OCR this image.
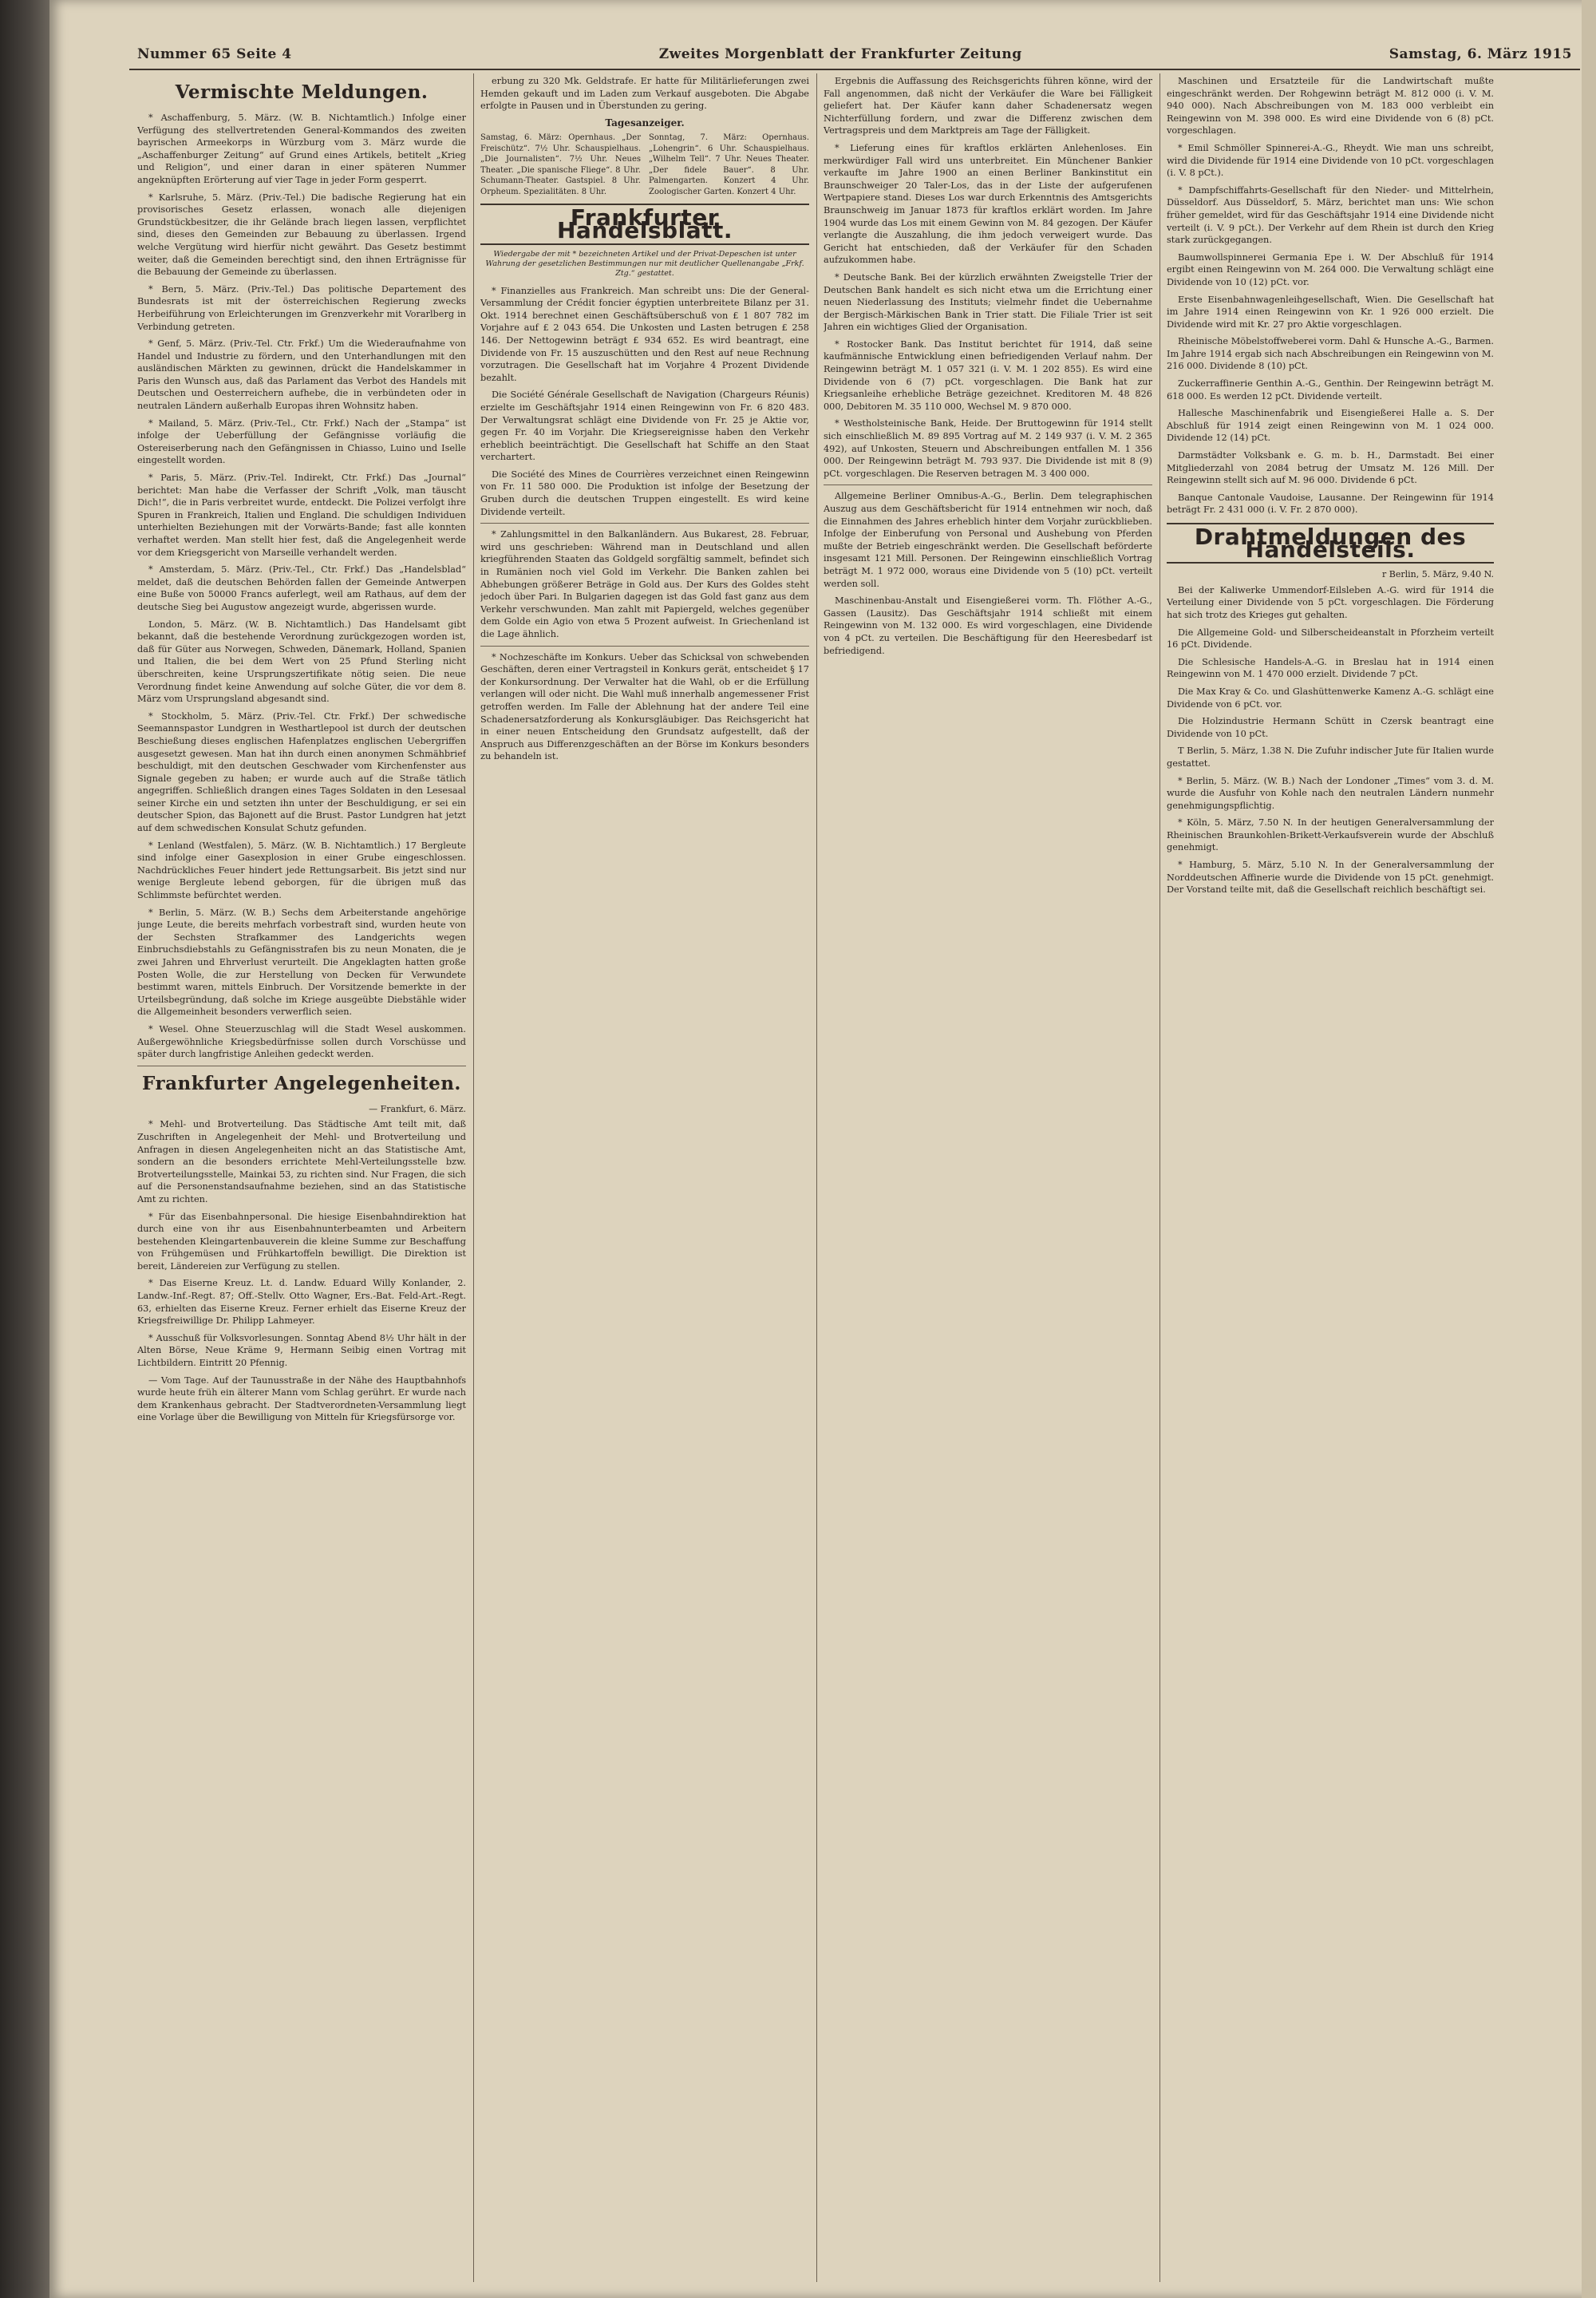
Nummer 65 Seite 4	Zweites Morgenblatt der Frankfurter Zeitung	Samstag, 6. März 1915
Vermischte Meldungen.

* Aschaffenburg, 5. März. (W. B. Nichtamtlich.) Infolge einer Verfügung des stellvertretenden General-Kommandos des zweiten bayrischen Armeekorps in Würzburg vom 3. März wurde die „Aschaffenburger Zeitung“ auf Grund eines Artikels, betitelt „Krieg und Religion“, und einer daran in einer späteren Nummer angeknüpften Erörterung auf vier Tage in jeder Form gesperrt.

* Karlsruhe, 5. März. (Priv.-Tel.) Die badische Regierung hat ein provisorisches Gesetz erlassen, wonach alle diejenigen Grundstückbesitzer, die ihr Gelände brach liegen lassen, verpflichtet sind, dieses den Gemeinden zur Bebauung zu überlassen. Irgend welche Vergütung wird hierfür nicht gewährt. Das Gesetz bestimmt weiter, daß die Gemeinden berechtigt sind, den ihnen Erträgnisse für die Bebauung der Gemeinde zu überlassen.

* Bern, 5. März. (Priv.-Tel.) Das politische Departement des Bundesrats ist mit der österreichischen Regierung zwecks Herbeiführung von Erleichterungen im Grenzverkehr mit Vorarlberg in Verbindung getreten.

* Genf, 5. März. (Priv.-Tel. Ctr. Frkf.) Um die Wiederaufnahme von Handel und Industrie zu fördern, und den Unterhandlungen mit den ausländischen Märkten zu gewinnen, drückt die Handelskammer in Paris den Wunsch aus, daß das Parlament das Verbot des Handels mit Deutschen und Oesterreichern aufhebe, die in verbündeten oder in neutralen Ländern außerhalb Europas ihren Wohnsitz haben.

* Mailand, 5. März. (Priv.-Tel., Ctr. Frkf.) Nach der „Stampa“ ist infolge der Ueberfüllung der Gefängnisse vorläufig die Ostereiserberung nach den Gefängnissen in Chiasso, Luino und Iselle eingestellt worden.

* Paris, 5. März. (Priv.-Tel. Indirekt, Ctr. Frkf.) Das „Journal“ berichtet: Man habe die Verfasser der Schrift „Volk, man täuscht Dich!“, die in Paris verbreitet wurde, entdeckt. Die Polizei verfolgt ihre Spuren in Frankreich, Italien und England. Die schuldigen Individuen unterhielten Beziehungen mit der Vorwärts-Bande; fast alle konnten verhaftet werden. Man stellt hier fest, daß die Angelegenheit werde vor dem Kriegsgericht von Marseille verhandelt werden.

* Amsterdam, 5. März. (Priv.-Tel., Ctr. Frkf.) Das „Handelsblad“ meldet, daß die deutschen Behörden fallen der Gemeinde Antwerpen eine Buße von 50000 Francs auferlegt, weil am Rathaus, auf dem der deutsche Sieg bei Augustow angezeigt wurde, abgerissen wurde.

London, 5. März. (W. B. Nichtamtlich.) Das Handelsamt gibt bekannt, daß die bestehende Verordnung zurückgezogen worden ist, daß für Güter aus Norwegen, Schweden, Dänemark, Holland, Spanien und Italien, die bei dem Wert von 25 Pfund Sterling nicht überschreiten, keine Ursprungszertifikate nötig seien. Die neue Verordnung findet keine Anwendung auf solche Güter, die vor dem 8. März vom Ursprungsland abgesandt sind.

* Stockholm, 5. März. (Priv.-Tel. Ctr. Frkf.) Der schwedische Seemannspastor Lundgren in Westhartlepool ist durch der deutschen Beschießung dieses englischen Hafenplatzes englischen Uebergriffen ausgesetzt gewesen. Man hat ihn durch einen anonymen Schmähbrief beschuldigt, mit den deutschen Geschwader vom Kirchenfenster aus Signale gegeben zu haben; er wurde auch auf die Straße tätlich angegriffen. Schließlich drangen eines Tages Soldaten in den Lesesaal seiner Kirche ein und setzten ihn unter der Beschuldigung, er sei ein deutscher Spion, das Bajonett auf die Brust. Pastor Lundgren hat jetzt auf dem schwedischen Konsulat Schutz gefunden.

* Lenland (Westfalen), 5. März. (W. B. Nichtamtlich.) 17 Bergleute sind infolge einer Gasexplosion in einer Grube eingeschlossen. Nachdrückliches Feuer hindert jede Rettungsarbeit. Bis jetzt sind nur wenige Bergleute lebend geborgen, für die übrigen muß das Schlimmste befürchtet werden.

* Berlin, 5. März. (W. B.) Sechs dem Arbeiterstande angehörige junge Leute, die bereits mehrfach vorbestraft sind, wurden heute von der Sechsten Strafkammer des Landgerichts wegen Einbruchsdiebstahls zu Gefängnisstrafen bis zu neun Monaten, die je zwei Jahren und Ehrverlust verurteilt. Die Angeklagten hatten große Posten Wolle, die zur Herstellung von Decken für Verwundete bestimmt waren, mittels Einbruch. Der Vorsitzende bemerkte in der Urteilsbegründung, daß solche im Kriege ausgeübte Diebstähle wider die Allgemeinheit besonders verwerflich seien.

* Wesel. Ohne Steuerzuschlag will die Stadt Wesel auskommen. Außergewöhnliche Kriegsbedürfnisse sollen durch Vorschüsse und später durch langfristige Anleihen gedeckt werden.

Frankfurter Angelegenheiten.
— Frankfurt, 6. März.

* Mehl- und Brotverteilung. Das Städtische Amt teilt mit, daß Zuschriften in Angelegenheit der Mehl- und Brotverteilung und Anfragen in diesen Angelegenheiten nicht an das Statistische Amt, sondern an die besonders errichtete Mehl-Verteilungsstelle bzw. Brotverteilungsstelle, Mainkai 53, zu richten sind. Nur Fragen, die sich auf die Personenstandsaufnahme beziehen, sind an das Statistische Amt zu richten.

* Für das Eisenbahnpersonal. Die hiesige Eisenbahndirektion hat durch eine von ihr aus Eisenbahnunterbeamten und Arbeitern bestehenden Kleingartenbauverein die kleine Summe zur Beschaffung von Frühgemüsen und Frühkartoffeln bewilligt. Die Direktion ist bereit, Ländereien zur Verfügung zu stellen.

* Das Eiserne Kreuz. Lt. d. Landw. Eduard Willy Konlander, 2. Landw.-Inf.-Regt. 87; Off.-Stellv. Otto Wagner, Ers.-Bat. Feld-Art.-Regt. 63, erhielten das Eiserne Kreuz. Ferner erhielt das Eiserne Kreuz der Kriegsfreiwillige Dr. Philipp Lahmeyer.

* Ausschuß für Volksvorlesungen. Sonntag Abend 8½ Uhr hält in der Alten Börse, Neue Kräme 9, Hermann Seibig einen Vortrag mit Lichtbildern. Eintritt 20 Pfennig.

— Vom Tage. Auf der Taunusstraße in der Nähe des Hauptbahnhofs wurde heute früh ein älterer Mann vom Schlag gerührt. Er wurde nach dem Krankenhaus gebracht. Der Stadtverordneten-Versammlung liegt eine Vorlage über die Bewilligung von Mitteln für Kriegsfürsorge vor.

erbung zu 320 Mk. Geldstrafe. Er hatte für Militärlieferungen zwei Hemden gekauft und im Laden zum Verkauf ausgeboten. Die Abgabe erfolgte in Pausen und in Überstunden zu gering.

Tagesanzeiger.
Samstag, 6. März: Opernhaus. „Der Freischütz“. 7½ Uhr. Schauspielhaus. „Die Journalisten“. 7½ Uhr. Neues Theater. „Die spanische Fliege“. 8 Uhr. Schumann-Theater. Gastspiel. 8 Uhr. Orpheum. Spezialitäten. 8 Uhr.
Sonntag, 7. März: Opernhaus. „Lohengrin“. 6 Uhr. Schauspielhaus. „Wilhelm Tell“. 7 Uhr. Neues Theater. „Der fidele Bauer“. 8 Uhr. Palmengarten. Konzert 4 Uhr. Zoologischer Garten. Konzert 4 Uhr.
Frankfurter Handelsblatt.
Wiedergabe der mit * bezeichneten Artikel und der Privat-Depeschen ist unter Wahrung der gesetzlichen Bestimmungen nur mit deutlicher Quellenangabe „Frkf. Ztg.“ gestattet.

* Finanzielles aus Frankreich. Man schreibt uns: Die der General-Versammlung der Crédit foncier égyptien unterbreitete Bilanz per 31. Okt. 1914 berechnet einen Geschäftsüberschuß von £ 1 807 782 im Vorjahre auf £ 2 043 654. Die Unkosten und Lasten betrugen £ 258 146. Der Nettogewinn beträgt £ 934 652. Es wird beantragt, eine Dividende von Fr. 15 auszuschütten und den Rest auf neue Rechnung vorzutragen. Die Gesellschaft hat im Vorjahre 4 Prozent Dividende bezahlt.

Die Société Générale Gesellschaft de Navigation (Chargeurs Réunis) erzielte im Geschäftsjahr 1914 einen Reingewinn von Fr. 6 820 483. Der Verwaltungsrat schlägt eine Dividende von Fr. 25 je Aktie vor, gegen Fr. 40 im Vorjahr. Die Kriegsereignisse haben den Verkehr erheblich beeinträchtigt. Die Gesellschaft hat Schiffe an den Staat verchartert.

Die Société des Mines de Courrières verzeichnet einen Reingewinn von Fr. 11 580 000. Die Produktion ist infolge der Besetzung der Gruben durch die deutschen Truppen eingestellt. Es wird keine Dividende verteilt.

* Zahlungsmittel in den Balkanländern. Aus Bukarest, 28. Februar, wird uns geschrieben: Während man in Deutschland und allen kriegführenden Staaten das Goldgeld sorgfältig sammelt, befindet sich in Rumänien noch viel Gold im Verkehr. Die Banken zahlen bei Abhebungen größerer Beträge in Gold aus. Der Kurs des Goldes steht jedoch über Pari. In Bulgarien dagegen ist das Gold fast ganz aus dem Verkehr verschwunden. Man zahlt mit Papiergeld, welches gegenüber dem Golde ein Agio von etwa 5 Prozent aufweist. In Griechenland ist die Lage ähnlich.

* Nochzeschäfte im Konkurs. Ueber das Schicksal von schwebenden Geschäften, deren einer Vertragsteil in Konkurs gerät, entscheidet § 17 der Konkursordnung. Der Verwalter hat die Wahl, ob er die Erfüllung verlangen will oder nicht. Die Wahl muß innerhalb angemessener Frist getroffen werden. Im Falle der Ablehnung hat der andere Teil eine Schadenersatzforderung als Konkursgläubiger. Das Reichsgericht hat in einer neuen Entscheidung den Grundsatz aufgestellt, daß der Anspruch aus Differenzgeschäften an der Börse im Konkurs besonders zu behandeln ist.

Ergebnis die Auffassung des Reichsgerichts führen könne, wird der Fall angenommen, daß nicht der Verkäufer die Ware bei Fälligkeit geliefert hat. Der Käufer kann daher Schadenersatz wegen Nichterfüllung fordern, und zwar die Differenz zwischen dem Vertragspreis und dem Marktpreis am Tage der Fälligkeit.

* Lieferung eines für kraftlos erklärten Anlehenloses. Ein merkwürdiger Fall wird uns unterbreitet. Ein Münchener Bankier verkaufte im Jahre 1900 an einen Berliner Bankinstitut ein Braunschweiger 20 Taler-Los, das in der Liste der aufgerufenen Wertpapiere stand. Dieses Los war durch Erkenntnis des Amtsgerichts Braunschweig im Januar 1873 für kraftlos erklärt worden. Im Jahre 1904 wurde das Los mit einem Gewinn von M. 84 gezogen. Der Käufer verlangte die Auszahlung, die ihm jedoch verweigert wurde. Das Gericht hat entschieden, daß der Verkäufer für den Schaden aufzukommen habe.

* Deutsche Bank. Bei der kürzlich erwähnten Zweigstelle Trier der Deutschen Bank handelt es sich nicht etwa um die Errichtung einer neuen Niederlassung des Instituts; vielmehr findet die Uebernahme der Bergisch-Märkischen Bank in Trier statt. Die Filiale Trier ist seit Jahren ein wichtiges Glied der Organisation.

* Rostocker Bank. Das Institut berichtet für 1914, daß seine kaufmännische Entwicklung einen befriedigenden Verlauf nahm. Der Reingewinn beträgt M. 1 057 321 (i. V. M. 1 202 855). Es wird eine Dividende von 6 (7) pCt. vorgeschlagen. Die Bank hat zur Kriegsanleihe erhebliche Beträge gezeichnet. Kreditoren M. 48 826 000, Debitoren M. 35 110 000, Wechsel M. 9 870 000.

* Westholsteinische Bank, Heide. Der Bruttogewinn für 1914 stellt sich einschließlich M. 89 895 Vortrag auf M. 2 149 937 (i. V. M. 2 365 492), auf Unkosten, Steuern und Abschreibungen entfallen M. 1 356 000. Der Reingewinn beträgt M. 793 937. Die Dividende ist mit 8 (9) pCt. vorgeschlagen. Die Reserven betragen M. 3 400 000.

Allgemeine Berliner Omnibus-A.-G., Berlin. Dem telegraphischen Auszug aus dem Geschäftsbericht für 1914 entnehmen wir noch, daß die Einnahmen des Jahres erheblich hinter dem Vorjahr zurückblieben. Infolge der Einberufung von Personal und Aushebung von Pferden mußte der Betrieb eingeschränkt werden. Die Gesellschaft beförderte insgesamt 121 Mill. Personen. Der Reingewinn einschließlich Vortrag beträgt M. 1 972 000, woraus eine Dividende von 5 (10) pCt. verteilt werden soll.

Maschinenbau-Anstalt und Eisengießerei vorm. Th. Flöther A.-G., Gassen (Lausitz). Das Geschäftsjahr 1914 schließt mit einem Reingewinn von M. 132 000. Es wird vorgeschlagen, eine Dividende von 4 pCt. zu verteilen. Die Beschäftigung für den Heeresbedarf ist befriedigend.

Maschinen und Ersatzteile für die Landwirtschaft mußte eingeschränkt werden. Der Rohgewinn beträgt M. 812 000 (i. V. M. 940 000). Nach Abschreibungen von M. 183 000 verbleibt ein Reingewinn von M. 398 000. Es wird eine Dividende von 6 (8) pCt. vorgeschlagen.

* Emil Schmöller Spinnerei-A.-G., Rheydt. Wie man uns schreibt, wird die Dividende für 1914 eine Dividende von 10 pCt. vorgeschlagen (i. V. 8 pCt.).

* Dampfschiffahrts-Gesellschaft für den Nieder- und Mittelrhein, Düsseldorf. Aus Düsseldorf, 5. März, berichtet man uns: Wie schon früher gemeldet, wird für das Geschäftsjahr 1914 eine Dividende nicht verteilt (i. V. 9 pCt.). Der Verkehr auf dem Rhein ist durch den Krieg stark zurückgegangen.

Baumwollspinnerei Germania Epe i. W. Der Abschluß für 1914 ergibt einen Reingewinn von M. 264 000. Die Verwaltung schlägt eine Dividende von 10 (12) pCt. vor.

Erste Eisenbahnwagenleihgesellschaft, Wien. Die Gesellschaft hat im Jahre 1914 einen Reingewinn von Kr. 1 926 000 erzielt. Die Dividende wird mit Kr. 27 pro Aktie vorgeschlagen.

Rheinische Möbelstoffweberei vorm. Dahl & Hunsche A.-G., Barmen. Im Jahre 1914 ergab sich nach Abschreibungen ein Reingewinn von M. 216 000. Dividende 8 (10) pCt.

Zuckerraffinerie Genthin A.-G., Genthin. Der Reingewinn beträgt M. 618 000. Es werden 12 pCt. Dividende verteilt.

Hallesche Maschinenfabrik und Eisengießerei Halle a. S. Der Abschluß für 1914 zeigt einen Reingewinn von M. 1 024 000. Dividende 12 (14) pCt.

Darmstädter Volksbank e. G. m. b. H., Darmstadt. Bei einer Mitgliederzahl von 2084 betrug der Umsatz M. 126 Mill. Der Reingewinn stellt sich auf M. 96 000. Dividende 6 pCt.

Banque Cantonale Vaudoise, Lausanne. Der Reingewinn für 1914 beträgt Fr. 2 431 000 (i. V. Fr. 2 870 000).

Drahtmeldungen des Handelsteils.
r Berlin, 5. März, 9.40 N.

Bei der Kaliwerke Ummendorf-Eilsleben A.-G. wird für 1914 die Verteilung einer Dividende von 5 pCt. vorgeschlagen. Die Förderung hat sich trotz des Krieges gut gehalten.

Die Allgemeine Gold- und Silberscheideanstalt in Pforzheim verteilt 16 pCt. Dividende.

Die Schlesische Handels-A.-G. in Breslau hat in 1914 einen Reingewinn von M. 1 470 000 erzielt. Dividende 7 pCt.

Die Max Kray & Co. und Glashüttenwerke Kamenz A.-G. schlägt eine Dividende von 6 pCt. vor.

Die Holzindustrie Hermann Schütt in Czersk beantragt eine Dividende von 10 pCt.

T Berlin, 5. März, 1.38 N. Die Zufuhr indischer Jute für Italien wurde gestattet.

* Berlin, 5. März. (W. B.) Nach der Londoner „Times“ vom 3. d. M. wurde die Ausfuhr von Kohle nach den neutralen Ländern nunmehr genehmigungspflichtig.

* Köln, 5. März, 7.50 N. In der heutigen Generalversammlung der Rheinischen Braunkohlen-Brikett-Verkaufsverein wurde der Abschluß genehmigt.

* Hamburg, 5. März, 5.10 N. In der Generalversammlung der Norddeutschen Affinerie wurde die Dividende von 15 pCt. genehmigt. Der Vorstand teilte mit, daß die Gesellschaft reichlich beschäftigt sei.
